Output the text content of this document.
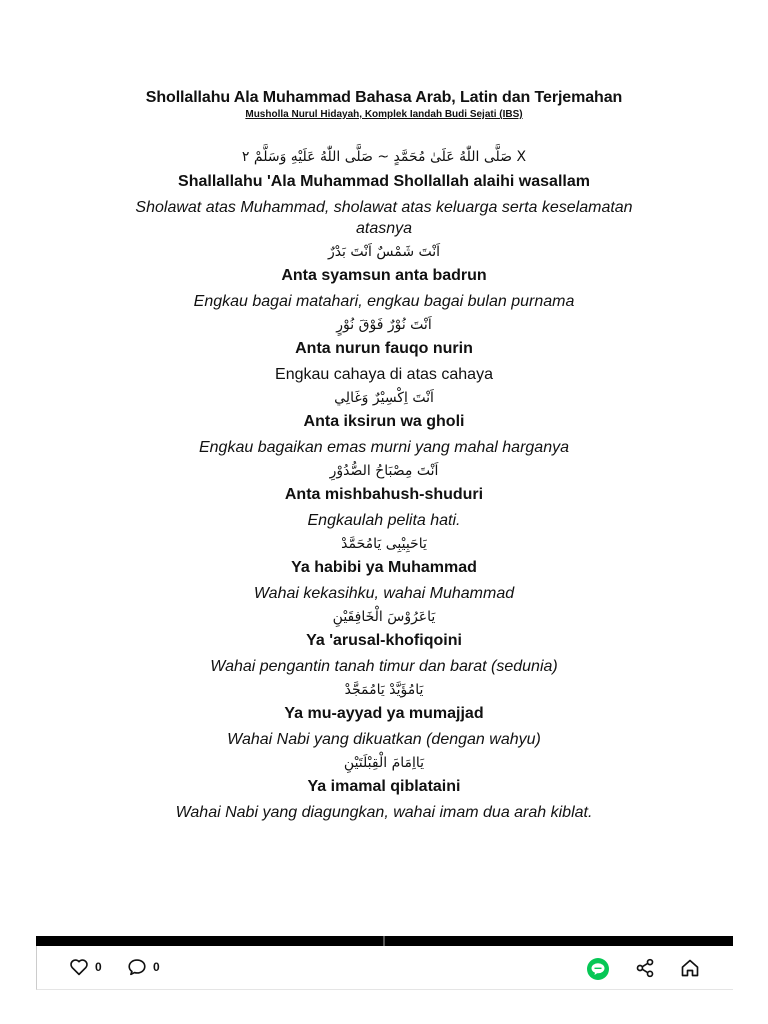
Shollallahu Ala Muhammad Bahasa Arab, Latin dan Terjemahan
Musholla Nurul Hidayah, Komplek Iandah Budi Sejati (IBS)
صَلَّى اللّٰهُ عَلَىٰ مُحَمَّدٍ ~ صَلَّى اللّٰهُ عَلَيْهِ وَسَلَّمْ ٢ X
Shallallahu 'Ala Muhammad Shollallah alaihi wasallam
Sholawat atas Muhammad, sholawat atas keluarga serta keselamatan atasnya
اَنْتَ شَمْسٌ اَنْتَ بَدْرٌ
Anta syamsun anta badrun
Engkau bagai matahari, engkau bagai bulan purnama
اَنْتَ نُوْرٌ فَوْقَ نُوْرٍ
Anta nurun fauqo nurin
Engkau cahaya di atas cahaya
اَنْتَ اِكْسِيْرٌ وَغَالِي
Anta iksirun wa gholi
Engkau bagaikan emas murni yang mahal harganya
اَنْتَ مِصْبَاحُ الصُّدُوْرِ
Anta mishbahush-shuduri
Engkaulah pelita hati.
يَاحَبِيْبِى يَامُحَمَّدْ
Ya habibi ya Muhammad
Wahai kekasihku, wahai Muhammad
يَاعَرُوْسَ الْخَافِقَيْنِ
Ya 'arusal-khofiqoini
Wahai pengantin tanah timur dan barat (sedunia)
يَامُؤَيَّدْ يَامُمَجَّدْ
Ya mu-ayyad ya mumajjad
Wahai Nabi yang dikuatkan (dengan wahyu)
يَااِمَامَ الْقِبْلَتَيْنِ
Ya imamal qiblataini
Wahai Nabi yang diagungkan, wahai imam dua arah kiblat.
0	0
